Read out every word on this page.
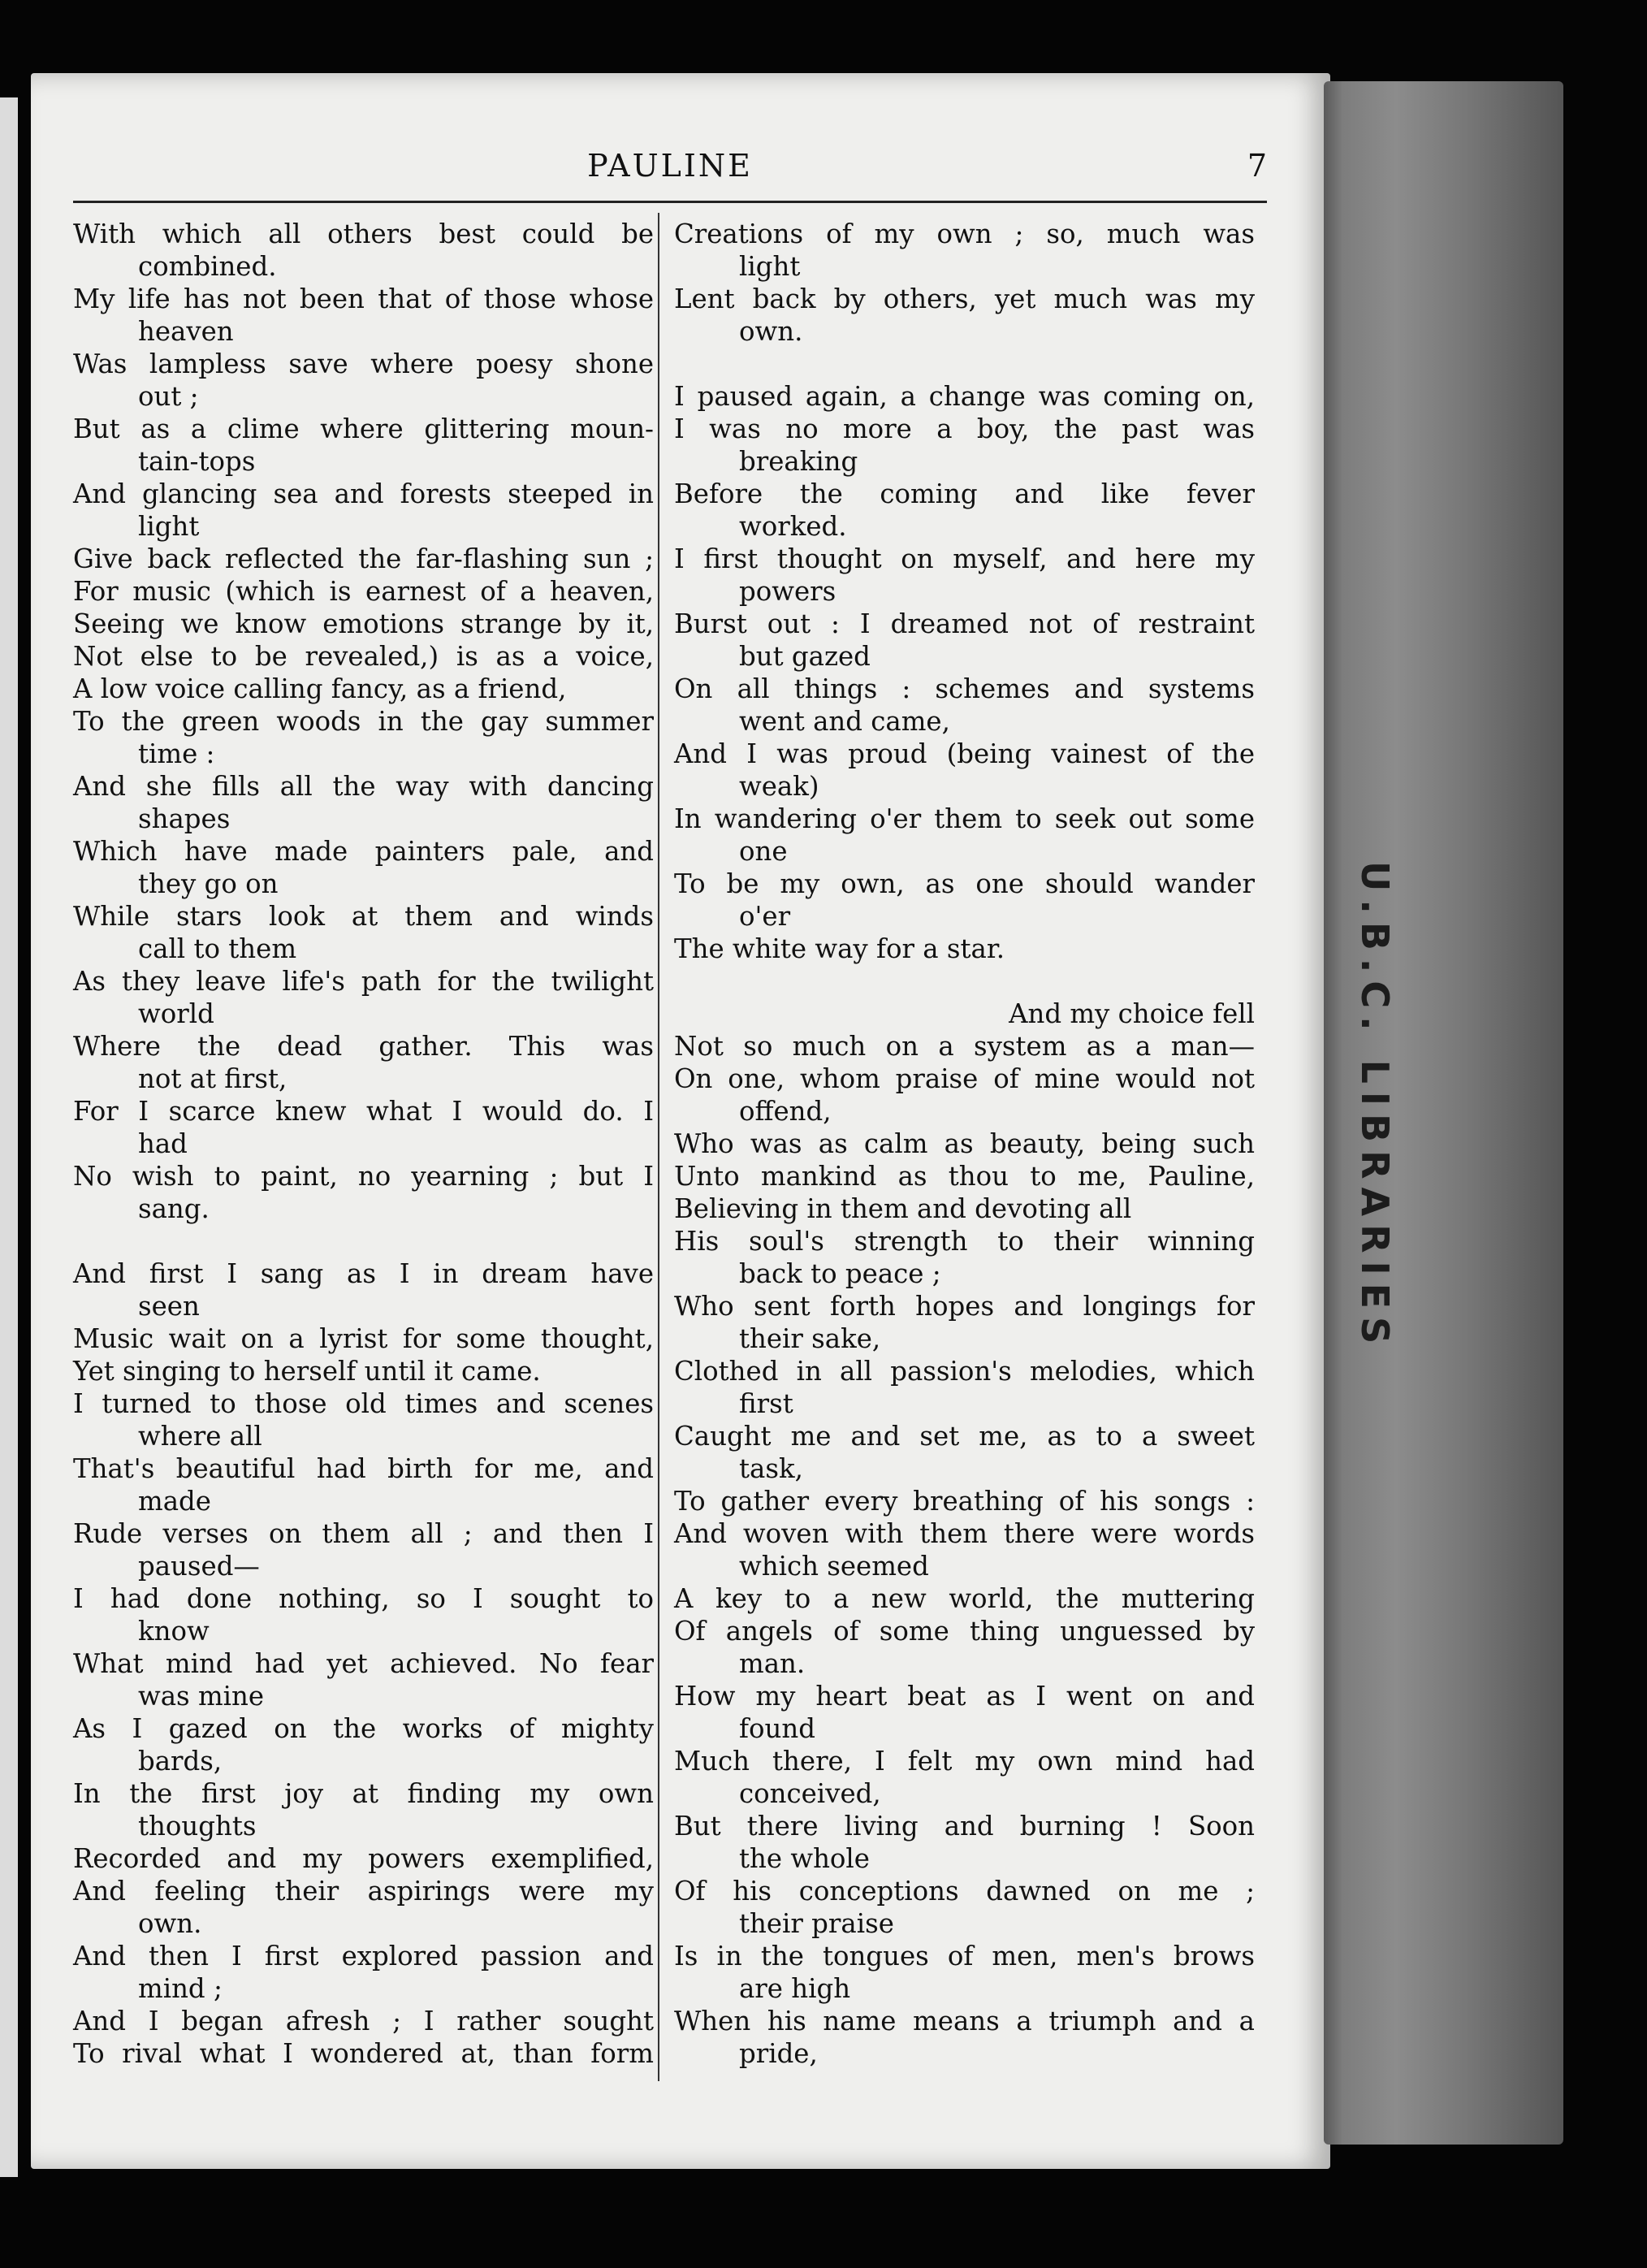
U.B.C. LIBRARIES
PAULINE	7
With which all others best could be
combined.
My life has not been that of those whose
heaven
Was lampless save where poesy shone
out ;
But as a clime where glittering moun-
tain-tops
And glancing sea and forests steeped in
light
Give back reflected the far-flashing sun ;
For music (which is earnest of a heaven,
Seeing we know emotions strange by it,
Not else to be revealed,) is as a voice,
A low voice calling fancy, as a friend,
To the green woods in the gay summer
time :
And she fills all the way with dancing
shapes
Which have made painters pale, and
they go on
While stars look at them and winds
call to them
As they leave life's path for the twilight
world
Where the dead gather. This was
not at first,
For I scarce knew what I would do. I
had
No wish to paint, no yearning ; but I
sang.
And first I sang as I in dream have
seen
Music wait on a lyrist for some thought,
Yet singing to herself until it came.
I turned to those old times and scenes
where all
That's beautiful had birth for me, and
made
Rude verses on them all ; and then I
paused—
I had done nothing, so I sought to
know
What mind had yet achieved. No fear
was mine
As I gazed on the works of mighty
bards,
In the first joy at finding my own
thoughts
Recorded and my powers exemplified,
And feeling their aspirings were my
own.
And then I first explored passion and
mind ;
And I began afresh ; I rather sought
To rival what I wondered at, than form
Creations of my own ; so, much was
light
Lent back by others, yet much was my
own.
I paused again, a change was coming on,
I was no more a boy, the past was
breaking
Before the coming and like fever
worked.
I first thought on myself, and here my
powers
Burst out : I dreamed not of restraint
but gazed
On all things : schemes and systems
went and came,
And I was proud (being vainest of the
weak)
In wandering o'er them to seek out some
one
To be my own, as one should wander
o'er
The white way for a star.
And my choice fell
Not so much on a system as a man—
On one, whom praise of mine would not
offend,
Who was as calm as beauty, being such
Unto mankind as thou to me, Pauline,
Believing in them and devoting all
His soul's strength to their winning
back to peace ;
Who sent forth hopes and longings for
their sake,
Clothed in all passion's melodies, which
first
Caught me and set me, as to a sweet
task,
To gather every breathing of his songs :
And woven with them there were words
which seemed
A key to a new world, the muttering
Of angels of some thing unguessed by
man.
How my heart beat as I went on and
found
Much there, I felt my own mind had
conceived,
But there living and burning ! Soon
the whole
Of his conceptions dawned on me ;
their praise
Is in the tongues of men, men's brows
are high
When his name means a triumph and a
pride,
